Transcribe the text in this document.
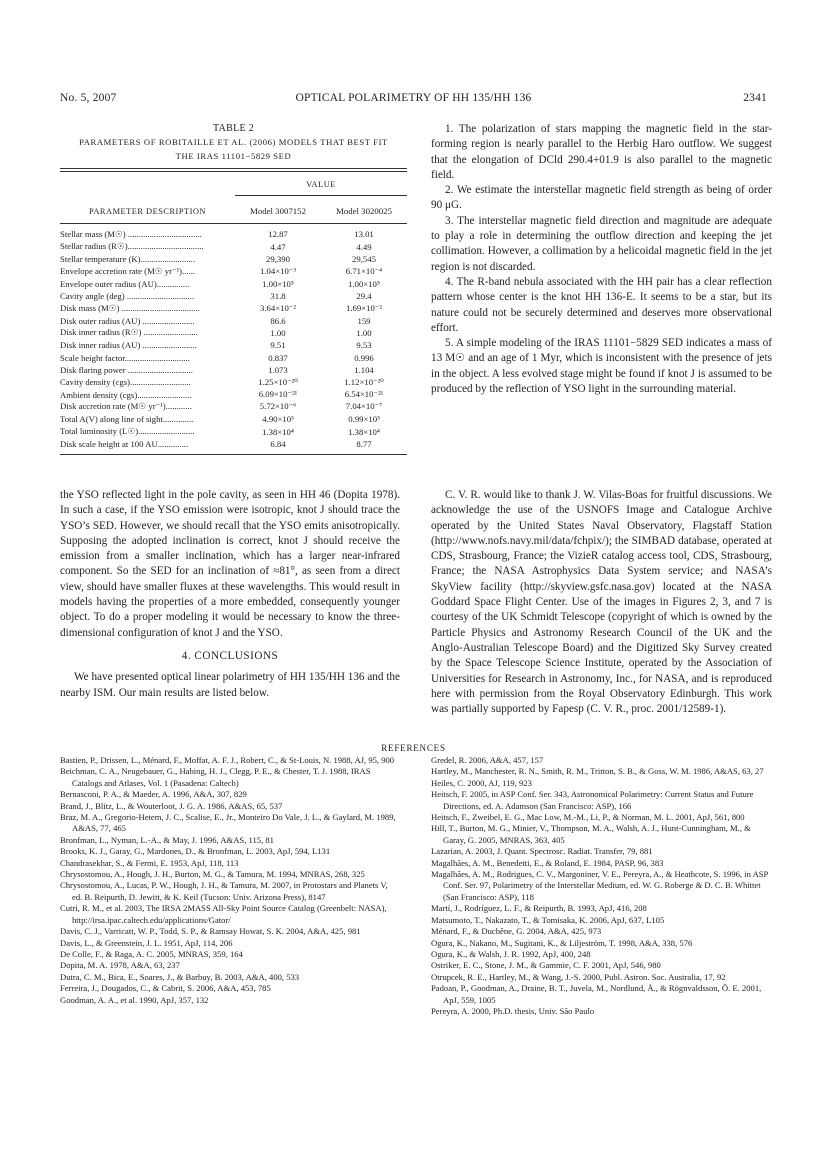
No. 5, 2007	OPTICAL POLARIMETRY OF HH 135/HH 136	2341
TABLE 2
PARAMETERS OF ROBITAILLE ET AL. (2006) MODELS THAT BEST FIT
THE IRAS 11101−5829 SED
VALUE
PARAMETER DESCRIPTION	Model 3007152	Model 3020025
Stellar mass (M☉) ..................................	12.87	13.01
Stellar radius (R☉)...................................	4.47	4.49
Stellar temperature (K).........................	29,390	29,545
Envelope accretion rate (M☉ yr⁻¹)......	1.04×10⁻³	6.71×10⁻⁴
Envelope outer radius (AU)...............	1.00×10⁵	1.00×10⁵
Cavity angle (deg) ...............................	31.8	29.4
Disk mass (M☉) ....................................	3.64×10⁻²	1.69×10⁻²
Disk outer radius (AU) ........................	86.6	159
Disk inner radius (R☉) .........................	1.00	1.00
Disk inner radius (AU) .........................	9.51	9.53
Scale height factor..............................	0.837	0.996
Disk flaring power ..............................	1.073	1.104
Cavity density (cgs)............................	1.25×10⁻²⁰	1.12×10⁻²⁰
Ambient density (cgs).........................	6.09×10⁻²¹	6.54×10⁻²¹
Disk accretion rate (M☉ yr⁻¹)............	5.72×10⁻⁶	7.04×10⁻⁷
Total A(V) along line of sight..............	4.90×10³	0.99×10³
Total luminosity (L☉)..........................	1.38×10⁴	1.38×10⁴
Disk scale height at 100 AU..............	6.84	8.77

the YSO reflected light in the pole cavity, as seen in HH 46 (Dopita 1978). In such a case, if the YSO emission were isotropic, knot J should trace the YSO’s SED. However, we should recall that the YSO emits anisotropically. Supposing the adopted inclination is correct, knot J should receive the emission from a smaller inclination, which has a larger near-infrared component. So the SED for an inclination of ≈81°, as seen from a direct view, should have smaller fluxes at these wavelengths. This would result in models having the properties of a more embedded, consequently younger object. To do a proper modeling it would be necessary to know the three-dimensional configuration of knot J and the YSO.

4. CONCLUSIONS

We have presented optical linear polarimetry of HH 135/HH 136 and the nearby ISM. Our main results are listed below.

1. The polarization of stars mapping the magnetic field in the star-forming region is nearly parallel to the Herbig Haro outflow. We suggest that the elongation of DCld 290.4+01.9 is also parallel to the magnetic field.

2. We estimate the interstellar magnetic field strength as being of order 90 μG.

3. The interstellar magnetic field direction and magnitude are adequate to play a role in determining the outflow direction and keeping the jet collimation. However, a collimation by a helicoidal magnetic field in the jet region is not discarded.

4. The R-band nebula associated with the HH pair has a clear reflection pattern whose center is the knot HH 136-E. It seems to be a star, but its nature could not be securely determined and deserves more observational effort.

5. A simple modeling of the IRAS 11101−5829 SED indicates a mass of 13 M☉ and an age of 1 Myr, which is inconsistent with the presence of jets in the object. A less evolved stage might be found if knot J is assumed to be produced by the reflection of YSO light in the surrounding material.

C. V. R. would like to thank J. W. Vilas-Boas for fruitful discussions. We acknowledge the use of the USNOFS Image and Catalogue Archive operated by the United States Naval Observatory, Flagstaff Station (http://www.nofs.navy.mil/data/fchpix/); the SIMBAD database, operated at CDS, Strasbourg, France; the VizieR catalog access tool, CDS, Strasbourg, France; the NASA Astrophysics Data System service; and NASA’s SkyView facility (http://skyview.gsfc.nasa.gov) located at the NASA Goddard Space Flight Center. Use of the images in Figures 2, 3, and 7 is courtesy of the UK Schmidt Telescope (copyright of which is owned by the Particle Physics and Astronomy Research Council of the UK and the Anglo-Australian Telescope Board) and the Digitized Sky Survey created by the Space Telescope Science Institute, operated by the Association of Universities for Research in Astronomy, Inc., for NASA, and is reproduced here with permission from the Royal Observatory Edinburgh. This work was partially supported by Fapesp (C. V. R., proc. 2001/12589-1).

REFERENCES
Bastien, P., Drissen, L., Ménard, F., Moffat, A. F. J., Robert, C., & St-Louis, N. 1988, AJ, 95, 900
Beichman, C. A., Neugebauer, G., Habing, H. J., Clegg, P. E., & Chester, T. J. 1988, IRAS Catalogs and Atlases, Vol. 1 (Pasadena: Caltech)
Bernasconi, P. A., & Maeder, A. 1996, A&A, 307, 829
Brand, J., Blitz, L., & Wouterloot, J. G. A. 1986, A&AS, 65, 537
Braz, M. A., Gregorio-Hetem, J. C., Scalise, E., Jr., Monteiro Do Vale, J. L., & Gaylard, M. 1989, A&AS, 77, 465
Bronfman, L., Nyman, L.-A., & May, J. 1996, A&AS, 115, 81
Brooks, K. J., Garay, G., Mardones, D., & Bronfman, L. 2003, ApJ, 594, L131
Chandrasekhar, S., & Fermi, E. 1953, ApJ, 118, 113
Chrysostomou, A., Hough, J. H., Burton, M. G., & Tamura, M. 1994, MNRAS, 268, 325
Chrysostomou, A., Lucas, P. W., Hough, J. H., & Tamura, M. 2007, in Protostars and Planets V, ed. B. Reipurth, D. Jewitt, & K. Keil (Tucson: Univ. Arizona Press), 8147
Cutri, R. M., et al. 2003, The IRSA 2MASS All-Sky Point Source Catalog (Greenbelt: NASA), http://irsa.ipac.caltech.edu/applications/Gator/
Davis, C. J., Varricatt, W. P., Todd, S. P., & Ramsay Howat, S. K. 2004, A&A, 425, 981
Davis, L., & Greenstein, J. L. 1951, ApJ, 114, 206
De Colle, F., & Raga, A. C. 2005, MNRAS, 359, 164
Dopita, M. A. 1978, A&A, 63, 237
Dutra, C. M., Bica, E., Soares, J., & Barbuy, B. 2003, A&A, 400, 533
Ferreira, J., Dougados, C., & Cabrit, S. 2006, A&A, 453, 785
Goodman, A. A., et al. 1990, ApJ, 357, 132
Gredel, R. 2006, A&A, 457, 157
Hartley, M., Manchester, R. N., Smith, R. M., Tritton, S. B., & Goss, W. M. 1986, A&AS, 63, 27
Heiles, C. 2000, AJ, 119, 923
Heitsch, F. 2005, in ASP Conf. Ser. 343, Astronomical Polarimetry: Current Status and Future Directions, ed. A. Adamson (San Francisco: ASP), 166
Heitsch, F., Zweibel, E. G., Mac Low, M.-M., Li, P., & Norman, M. L. 2001, ApJ, 561, 800
Hill, T., Burton, M. G., Minier, V., Thompson, M. A., Walsh, A. J., Hunt-Cunningham, M., & Garay, G. 2005, MNRAS, 363, 405
Lazarian, A. 2003, J. Quant. Spectrosc. Radiat. Transfer, 79, 881
Magalhães, A. M., Benedetti, E., & Roland, E. 1984, PASP, 96, 383
Magalhães, A. M., Rodrigues, C. V., Margoniner, V. E., Pereyra, A., & Heathcote, S. 1996, in ASP Conf. Ser. 97, Polarimetry of the Interstellar Medium, ed. W. G. Roberge & D. C. B. Whittet (San Francisco: ASP), 118
Martí, J., Rodríguez, L. F., & Reipurth, B. 1993, ApJ, 416, 208
Matsumoto, T., Nakazato, T., & Tomisaka, K. 2006, ApJ, 637, L105
Ménard, F., & Duchêne, G. 2004, A&A, 425, 973
Ogura, K., Nakano, M., Sugitani, K., & Liljeström, T. 1998, A&A, 338, 576
Ogura, K., & Walsh, J. R. 1992, ApJ, 400, 248
Ostriker, E. C., Stone, J. M., & Gammie, C. F. 2001, ApJ, 546, 980
Otrupcek, R. E., Hartley, M., & Wang, J.-S. 2000, Publ. Astron. Soc. Australia, 17, 92
Padoan, P., Goodman, A., Draine, B. T., Juvela, M., Nordlund, Å., & Rögnvaldsson, Ö. E. 2001, ApJ, 559, 1005
Pereyra, A. 2000, Ph.D. thesis, Univ. São Paulo
